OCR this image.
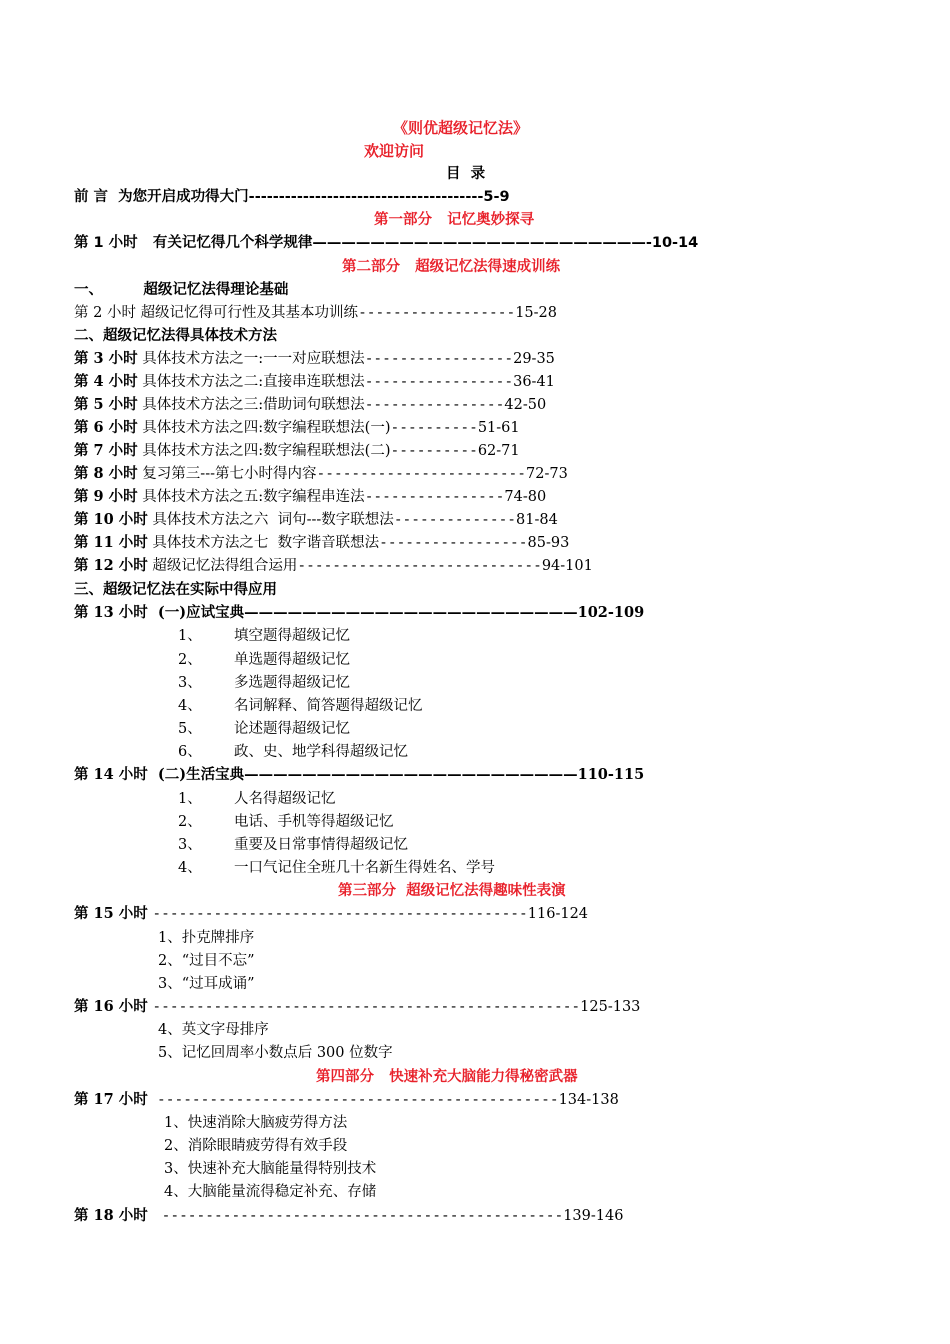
《则优超级记忆法》
欢迎访问
目  录
前 言 为您开启成功得大门---------------------------------------5-9
第一部分   记忆奥妙探寻
第 1 小时 有关记忆得几个科学规律———————————————————————-10-14
第二部分   超级记忆法得速成训练
一、        超级记忆法得理论基础
第 2 小时 超级记忆得可行性及其基本功训练------------------15-28
二、超级记忆法得具体技术方法
第 3 小时 具体技术方法之一:一一对应联想法-----------------29-35
第 4 小时 具体技术方法之二:直接串连联想法-----------------36-41
第 5 小时 具体技术方法之三:借助词句联想法----------------42-50
第 6 小时 具体技术方法之四:数字编程联想法(一)----------51-61
第 7 小时 具体技术方法之四:数字编程联想法(二)----------62-71
第 8 小时 复习第三---第七小时得内容------------------------72-73
第 9 小时 具体技术方法之五:数字编程串连法----------------74-80
第 10 小时 具体技术方法之六  词句---数字联想法--------------81-84
第 11 小时 具体技术方法之七  数字谐音联想法-----------------85-93
第 12 小时 超级记忆法得组合运用----------------------------94-101
三、超级记忆法在实际中得应用
第 13 小时 (一)应试宝典———————————————————————102-109
1、 填空题得超级记忆
2、 单选题得超级记忆
3、 多选题得超级记忆
4、 名词解释、简答题得超级记忆
5、 论述题得超级记忆
6、 政、史、地学科得超级记忆
第 14 小时 (二)生活宝典———————————————————————110-115
1、 人名得超级记忆
2、 电话、手机等得超级记忆
3、 重要及日常事情得超级记忆
4、 一口气记住全班几十名新生得姓名、学号
第三部分  超级记忆法得趣味性表演
第 15 小时 -------------------------------------------116-124
1、扑克牌排序
2、“过目不忘”
3、“过耳成诵”
第 16 小时 -------------------------------------------------125-133
4、英文字母排序
5、记忆回周率小数点后 300 位数字
第四部分   快速补充大脑能力得秘密武器
第 17 小时 ----------------------------------------------134-138
1、快速消除大脑疲劳得方法
2、消除眼睛疲劳得有效手段
3、快速补充大脑能量得特别技术
4、大脑能量流得稳定补充、存储
第 18 小时 ----------------------------------------------139-146
